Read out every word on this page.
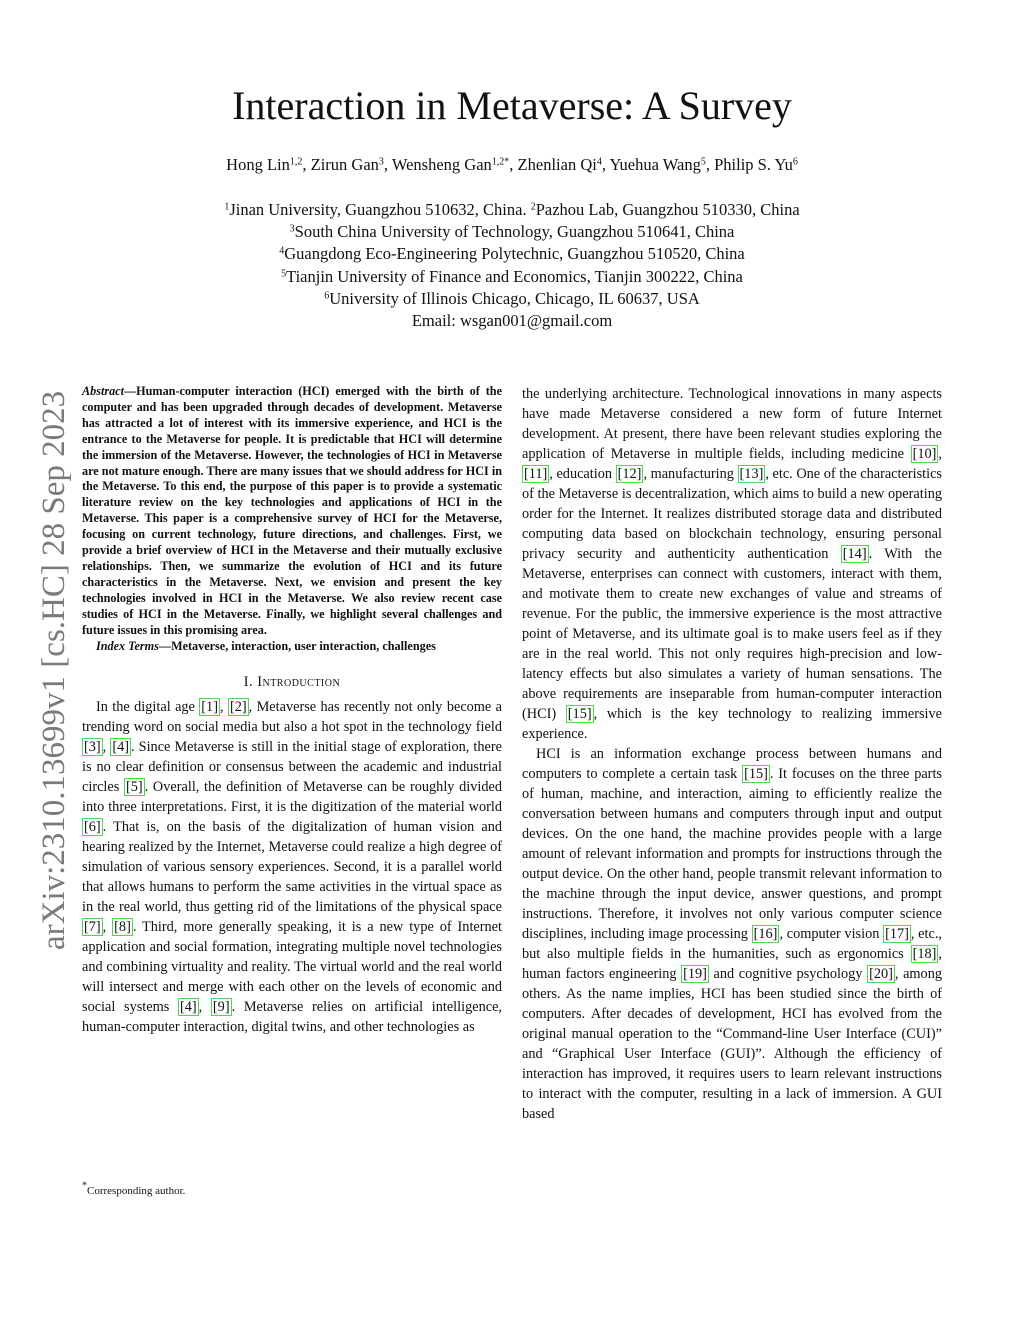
Interaction in Metaverse: A Survey
Hong Lin$^{1,2}$, Zirun Gan$^3$, Wensheng Gan$^{1,2*}$, Zhenlian Qi$^4$, Yuehua Wang$^5$, Philip S. Yu$^6$
$^1$Jinan University, Guangzhou 510632, China. $^2$Pazhou Lab, Guangzhou 510330, China
$^3$South China University of Technology, Guangzhou 510641, China
$^4$Guangdong Eco-Engineering Polytechnic, Guangzhou 510520, China
$^5$Tianjin University of Finance and Economics, Tianjin 300222, China
$^6$University of Illinois Chicago, Chicago, IL 60637, USA
Email: wsgan001@gmail.com
arXiv:2310.13699v1 [cs.HC] 28 Sep 2023 Abstract—Human-computer interaction (HCI) emerged with the birth of the computer and has been upgraded through decades of development. Metaverse has attracted a lot of interest with its immersive experience, and HCI is the entrance to the Metaverse for people. It is predictable that HCI will determine the immersion of the Metaverse. However, the technologies of HCI in Metaverse are not mature enough. There are many issues that we should address for HCI in the Metaverse. To this end, the purpose of this paper is to provide a systematic literature review on the key technologies and applications of HCI in the Metaverse. This paper is a comprehensive survey of HCI for the Metaverse, focusing on current technology, future directions, and challenges. First, we provide a brief overview of HCI in the Metaverse and their mutually exclusive relationships. Then, we summarize the evolution of HCI and its future characteristics in the Metaverse. Next, we envision and present the key technologies involved in HCI in the Metaverse. We also review recent case studies of HCI in the Metaverse. Finally, we highlight several challenges and future issues in this promising area.

Index Terms—Metaverse, interaction, user interaction, challenges

I. Introduction

In the digital age [1] , [2] , Metaverse has recently not only become a trending word on social media but also a hot spot in the technology field [3] , [4] . Since Metaverse is still in the initial stage of exploration, there is no clear definition or consensus between the academic and industrial circles [5] . Overall, the definition of Metaverse can be roughly divided into three interpretations. First, it is the digitization of the material world [6] . That is, on the basis of the digitalization of human vision and hearing realized by the Internet, Metaverse could realize a high degree of simulation of various sensory experiences. Second, it is a parallel world that allows humans to perform the same activities in the virtual space as in the real world, thus getting rid of the limitations of the physical space [7] , [8] . Third, more generally speaking, it is a new type of Internet application and social formation, integrating multiple novel technologies and combining virtuality and reality. The virtual world and the real world will intersect and merge with each other on the levels of economic and social systems [4] , [9] . Metaverse relies on artificial intelligence, human-computer interaction, digital twins, and other technologies as

*Corresponding author.

the underlying architecture. Technological innovations in many aspects have made Metaverse considered a new form of future Internet development. At present, there have been relevant studies exploring the application of Metaverse in multiple fields, including medicine [10] , [11] , education [12] , manufacturing [13] , etc. One of the characteristics of the Metaverse is decentralization, which aims to build a new operating order for the Internet. It realizes distributed storage data and distributed computing data based on blockchain technology, ensuring personal privacy security and authenticity authentication [14] . With the Metaverse, enterprises can connect with customers, interact with them, and motivate them to create new exchanges of value and streams of revenue. For the public, the immersive experience is the most attractive point of Metaverse, and its ultimate goal is to make users feel as if they are in the real world. This not only requires high-precision and low-latency effects but also simulates a variety of human sensations. The above requirements are inseparable from human-computer interaction (HCI) [15] , which is the key technology to realizing immersive experience.

HCI is an information exchange process between humans and computers to complete a certain task [15] . It focuses on the three parts of human, machine, and interaction, aiming to efficiently realize the conversation between humans and computers through input and output devices. On the one hand, the machine provides people with a large amount of relevant information and prompts for instructions through the output device. On the other hand, people transmit relevant information to the machine through the input device, answer questions, and prompt instructions. Therefore, it involves not only various computer science disciplines, including image processing [16] , computer vision [17] , etc., but also multiple fields in the humanities, such as ergonomics [18] , human factors engineering [19] and cognitive psychology [20] , among others. As the name implies, HCI has been studied since the birth of computers. After decades of development, HCI has evolved from the original manual operation to the “Command-line User Interface (CUI)” and “Graphical User Interface (GUI)”. Although the efficiency of interaction has improved, it requires users to learn relevant instructions to interact with the computer, resulting in a lack of immersion. A GUI based
